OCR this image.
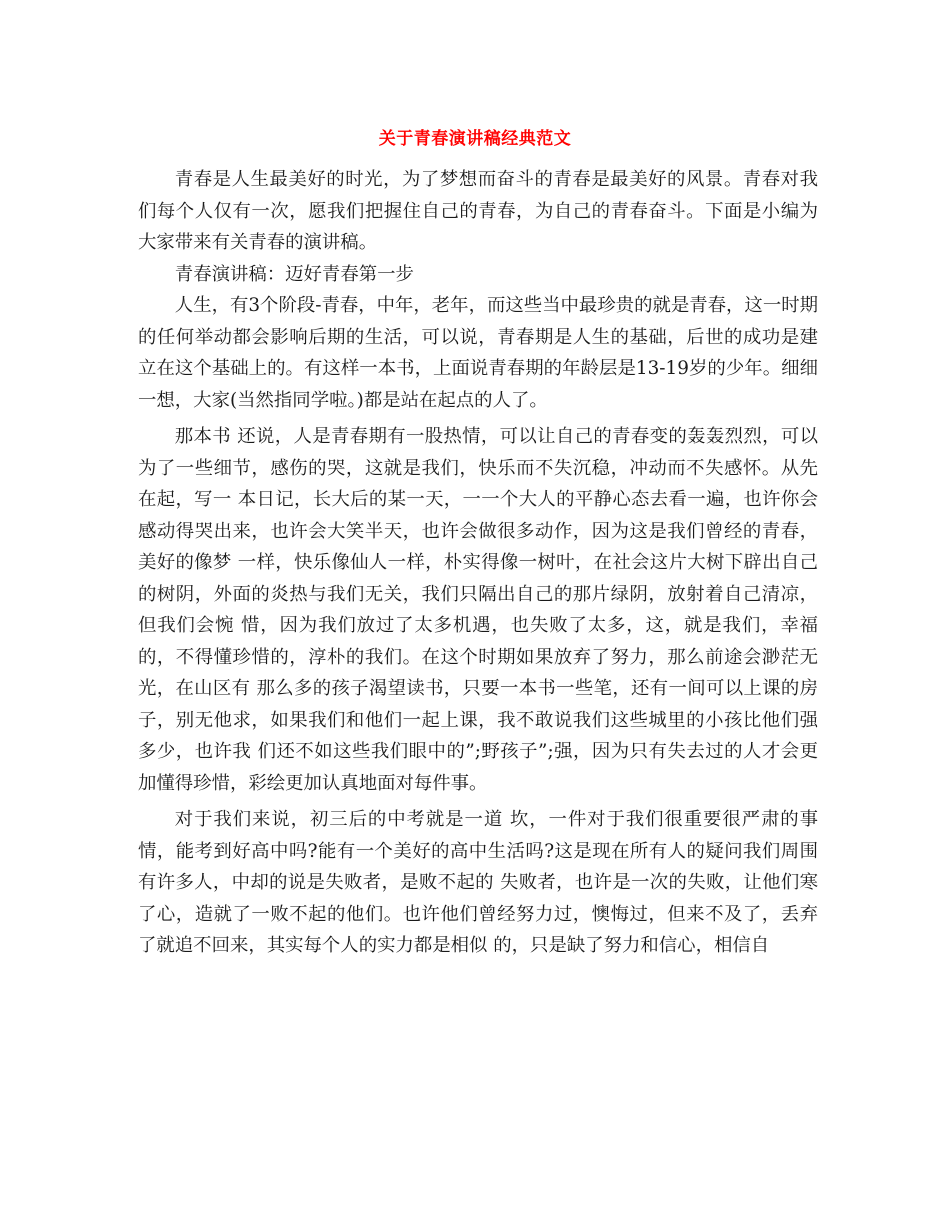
关于青春演讲稿经典范文

青春是人生最美好的时光，为了梦想而奋斗的青春是最美好的风景。青春对我们每个人仅有一次，愿我们把握住自己的青春，为自己的青春奋斗。下面是小编为大家带来有关青春的演讲稿。

青春演讲稿：迈好青春第一步

人生，有3个阶段-青春，中年，老年，而这些当中最珍贵的就是青春，这一时期的任何举动都会影响后期的生活，可以说，青春期是人生的基础，后世的成功是建 立在这个基础上的。有这样一本书，上面说青春期的年龄层是13-19岁的少年。细细一想，大家(当然指同学啦。)都是站在起点的人了。

那本书 还说，人是青春期有一股热情，可以让自己的青春变的轰轰烈烈，可以为了一些细节，感伤的哭，这就是我们，快乐而不失沉稳，冲动而不失感怀。从先在起，写一 本日记，长大后的某一天，一一个大人的平静心态去看一遍，也许你会感动得哭出来，也许会大笑半天，也许会做很多动作，因为这是我们曾经的青春，美好的像梦 一样，快乐像仙人一样，朴实得像一树叶，在社会这片大树下辟出自己的树阴，外面的炎热与我们无关，我们只隔出自己的那片绿阴，放射着自己清凉，但我们会惋 惜，因为我们放过了太多机遇，也失败了太多，这，就是我们，幸福的，不得懂珍惜的，淳朴的我们。在这个时期如果放弃了努力，那么前途会渺茫无光，在山区有 那么多的孩子渴望读书，只要一本书一些笔，还有一间可以上课的房子，别无他求，如果我们和他们一起上课，我不敢说我们这些城里的小孩比他们强多少，也许我 们还不如这些我们眼中的”;野孩子”;强，因为只有失去过的人才会更加懂得珍惜，彩绘更加认真地面对每件事。

对于我们来说，初三后的中考就是一道 坎，一件对于我们很重要很严肃的事情，能考到好高中吗?能有一个美好的高中生活吗?这是现在所有人的疑问我们周围有许多人，中却的说是失败者，是败不起的 失败者，也许是一次的失败，让他们寒了心，造就了一败不起的他们。也许他们曾经努力过，懊悔过，但来不及了，丢弃了就追不回来，其实每个人的实力都是相似 的，只是缺了努力和信心，相信自
